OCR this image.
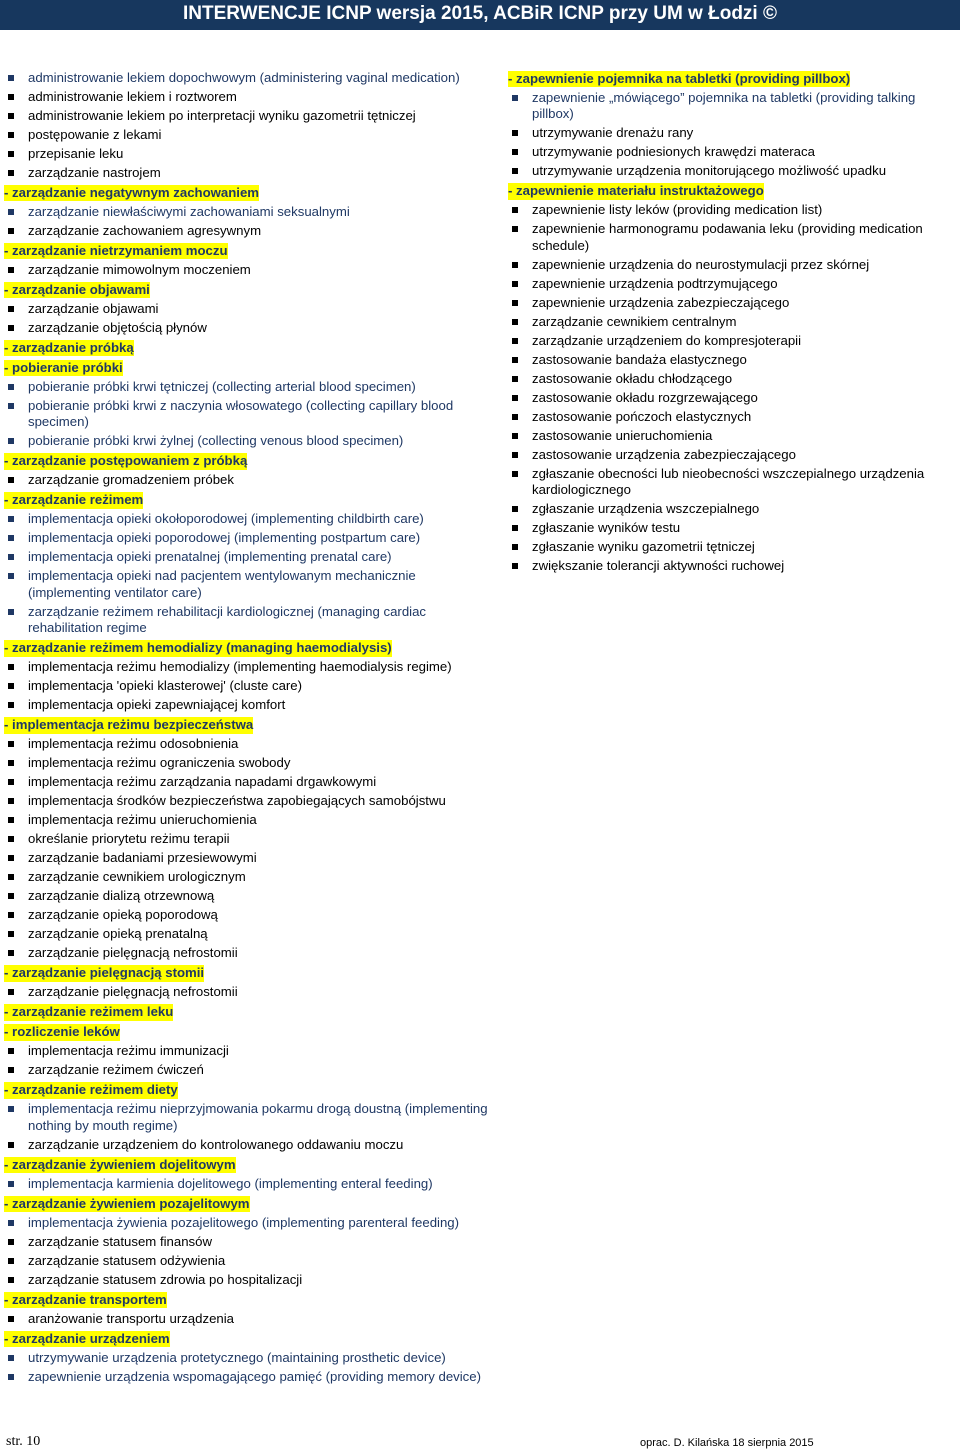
INTERWENCJE ICNP wersja 2015, ACBiR ICNP przy UM w Łodzi ©
administrowanie lekiem dopochwowym (administering vaginal medication)
administrowanie lekiem i roztworem
administrowanie lekiem po interpretacji wyniku gazometrii tętniczej
postępowanie z lekami
przepisanie leku
zarządzanie nastrojem
- zarządzanie negatywnym zachowaniem
zarządzanie niewłaściwymi zachowaniami seksualnymi
zarządzanie zachowaniem agresywnym
- zarządzanie nietrzymaniem moczu
zarządzanie mimowolnym moczeniem
- zarządzanie objawami
zarządzanie objawami
zarządzanie objętością płynów
- zarządzanie próbką
- pobieranie próbki
pobieranie próbki krwi tętniczej (collecting arterial blood specimen)
pobieranie próbki krwi z naczynia włosowatego (collecting capillary blood specimen)
pobieranie próbki krwi żylnej (collecting venous blood specimen)
- zarządzanie postępowaniem z próbką
zarządzanie gromadzeniem próbek
- zarządzanie reżimem
implementacja opieki okołoporodowej (implementing childbirth care)
implementacja opieki poporodowej (implementing postpartum care)
implementacja opieki prenatalnej (implementing prenatal care)
implementacja opieki nad pacjentem wentylowanym mechanicznie (implementing ventilator care)
zarządzanie reżimem rehabilitacji kardiologicznej (managing cardiac rehabilitation regime
- zarządzanie reżimem hemodializy (managing haemodialysis)
implementacja reżimu hemodializy (implementing haemodialysis regime)
implementacja 'opieki klasterowej' (cluste care)
implementacja opieki zapewniającej komfort
- implementacja reżimu bezpieczeństwa
implementacja reżimu odosobnienia
implementacja reżimu ograniczenia swobody
implementacja reżimu zarządzania napadami drgawkowymi
implementacja środków bezpieczeństwa zapobiegających samobójstwu
implementacja reżimu unieruchomienia
określanie priorytetu reżimu terapii
zarządzanie badaniami przesiewowymi
zarządzanie cewnikiem urologicznym
zarządzanie dializą otrzewnową
zarządzanie opieką poporodową
zarządzanie opieką prenatalną
zarządzanie pielęgnacją nefrostomii
- zarządzanie pielęgnacją stomii
zarządzanie pielęgnacją nefrostomii
- zarządzanie reżimem leku
- rozliczenie leków
implementacja reżimu immunizacji
zarządzanie reżimem ćwiczeń
- zarządzanie reżimem diety
implementacja reżimu nieprzyjmowania pokarmu drogą doustną (implementing nothing by mouth regime)
zarządzanie urządzeniem do kontrolowanego oddawaniu moczu
- zarządzanie żywieniem dojelitowym
implementacja karmienia dojelitowego (implementing enteral feeding)
- zarządzanie żywieniem pozajelitowym
implementacja żywienia pozajelitowego (implementing parenteral feeding)
zarządzanie statusem finansów
zarządzanie statusem odżywienia
zarządzanie statusem zdrowia po hospitalizacji
- zarządzanie transportem
aranżowanie transportu urządzenia
- zarządzanie urządzeniem
utrzymywanie urządzenia protetycznego (maintaining prosthetic device)
zapewnienie urządzenia wspomagającego pamięć (providing memory device)
- zapewnienie pojemnika na tabletki (providing pillbox)
zapewnienie „mówiącego” pojemnika na tabletki (providing talking pillbox)
utrzymywanie drenażu rany
utrzymywanie podniesionych krawędzi materaca
utrzymywanie urządzenia monitorującego możliwość upadku
- zapewnienie materiału instruktażowego
zapewnienie listy leków (providing medication list)
zapewnienie harmonogramu podawania leku (providing medication schedule)
zapewnienie urządzenia do neurostymulacji przez skórnej
zapewnienie urządzenia podtrzymującego
zapewnienie urządzenia zabezpieczającego
zarządzanie cewnikiem centralnym
zarządzanie urządzeniem do kompresjoterapii
zastosowanie bandaża elastycznego
zastosowanie okładu chłodzącego
zastosowanie okładu rozgrzewającego
zastosowanie pończoch elastycznych
zastosowanie unieruchomienia
zastosowanie urządzenia zabezpieczającego
zgłaszanie obecności lub nieobecności wszczepialnego urządzenia kardiologicznego
zgłaszanie urządzenia wszczepialnego
zgłaszanie wyników testu
zgłaszanie wyniku gazometrii tętniczej
zwiększanie tolerancji aktywności ruchowej
str. 10	oprac. D. Kilańska 18 sierpnia 2015
